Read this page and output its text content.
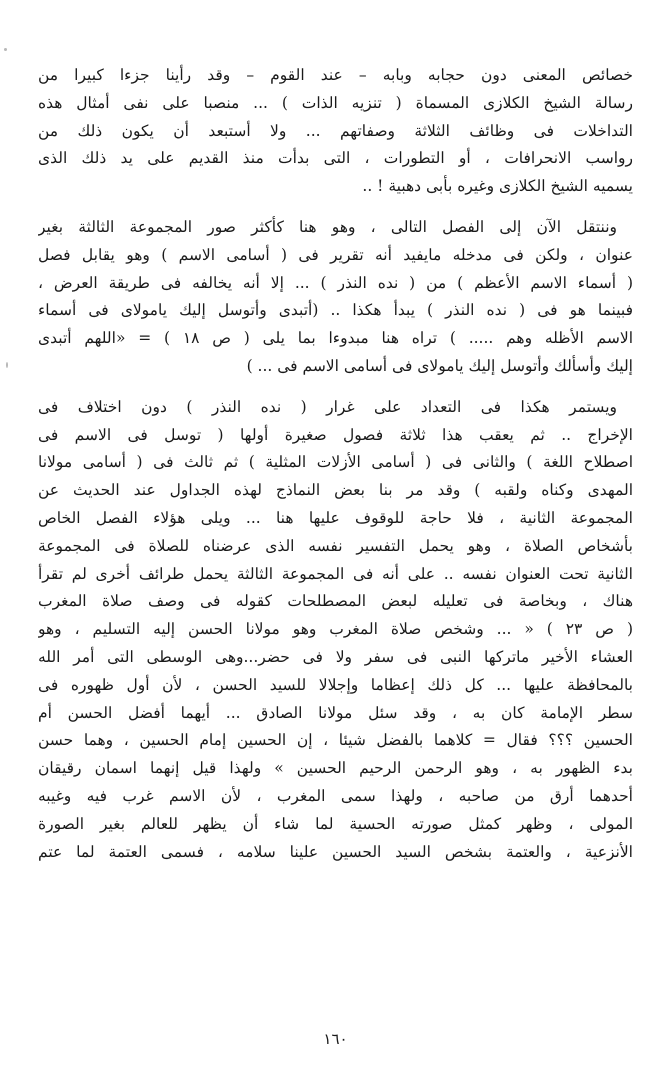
خصائص المعنى دون حجابه وبابه – عند القوم – وقد رأينا جزءا كبيرا من
رسالة الشيخ الكلازى المسماة ( تنزيه الذات ) ... منصبا على نفى أمثال هذه
التداخلات فى وظائف الثلاثة وصفاتهم ... ولا أستبعد أن يكون ذلك من
رواسب الانحرافات ، أو التطورات ، التى بدأت منذ القديم على يد ذلك الذى
يسميه الشيخ الكلازى وغيره بأبى دهبية ! ..
وننتقل الآن إلى الفصل التالى ، وهو هنا كأكثر صور المجموعة الثالثة بغير
عنوان ، ولكن فى مدخله مايفيد أنه تقرير فى ( أسامى الاسم ) وهو يقابل فصل
( أسماء الاسم الأعظم ) من ( نده النذر ) ... إلا أنه يخالفه فى طريقة العرض ،
فبينما هو فى ( نده النذر ) يبدأ هكذا .. (أتبدى وأتوسل إليك ياموﻻى فى أسماء
الاسم الأظله وهم ..... ) تراه هنا مبدوءا بما يلى ( ص ١٨ ) = «اللهم أتبدى
إليك وأسألك وأتوسل إليك ياموﻻى فى أسامى الاسم فى ... )
ويستمر هكذا فى التعداد على غرار ( نده النذر ) دون اختلاف فى
الإخراج .. ثم يعقب هذا ثلاثة فصول صغيرة أولها ( توسل فى الاسم فى
اصطلاح اللغة ) والثانى فى ( أسامى الأزلات المثلية ) ثم ثالث فى ( أسامى موﻻنا
المهدى وكناه ولقبه ) وقد مر بنا بعض النماذج لهذه الجداول عند الحديث عن
المجموعة الثانية ، فلا حاجة للوقوف عليها هنا ... ويلى هؤلاء الفصل الخاص
بأشخاص الصلاة ، وهو يحمل التفسير نفسه الذى عرضناه للصلاة فى المجموعة
الثانية تحت العنوان نفسه .. على أنه فى المجموعة الثالثة يحمل طرائف أخرى لم تقرأ
هناك ، وبخاصة فى تعليله لبعض المصطلحات كقوله فى وصف صلاة المغرب
( ص ٢٣ ) « ... وشخص صلاة المغرب وهو موﻻنا الحسن إليه التسليم ، وهو
العشاء الأخير ماتركها النبى فى سفر ولا فى حضر...وهى الوسطى التى أمر الله
بالمحافظة عليها ... كل ذلك إعظاما وإجلالا للسيد الحسن ، لأن أول ظهوره فى
سطر الإمامة كان به ، وقد سئل موﻻنا الصادق ... أيهما أفضل الحسن أم
الحسين ؟؟؟ فقال = كلاهما بالفضل شيئا ، إن الحسين إمام الحسين ، وهما حسن
بدء الظهور به ، وهو الرحمن الرحيم الحسين » ولهذا قيل إنهما اسمان رقيقان
أحدهما أرق من صاحبه ، ولهذا سمى المغرب ، لأن الاسم غرب فيه وغيبه
المولى ، وظهر كمثل صورته الحسية لما شاء أن يظهر للعالم بغير الصورة
الأنزعية ، والعتمة بشخص السيد الحسين علينا سلامه ، فسمى العتمة لما عتم
١٦٠
